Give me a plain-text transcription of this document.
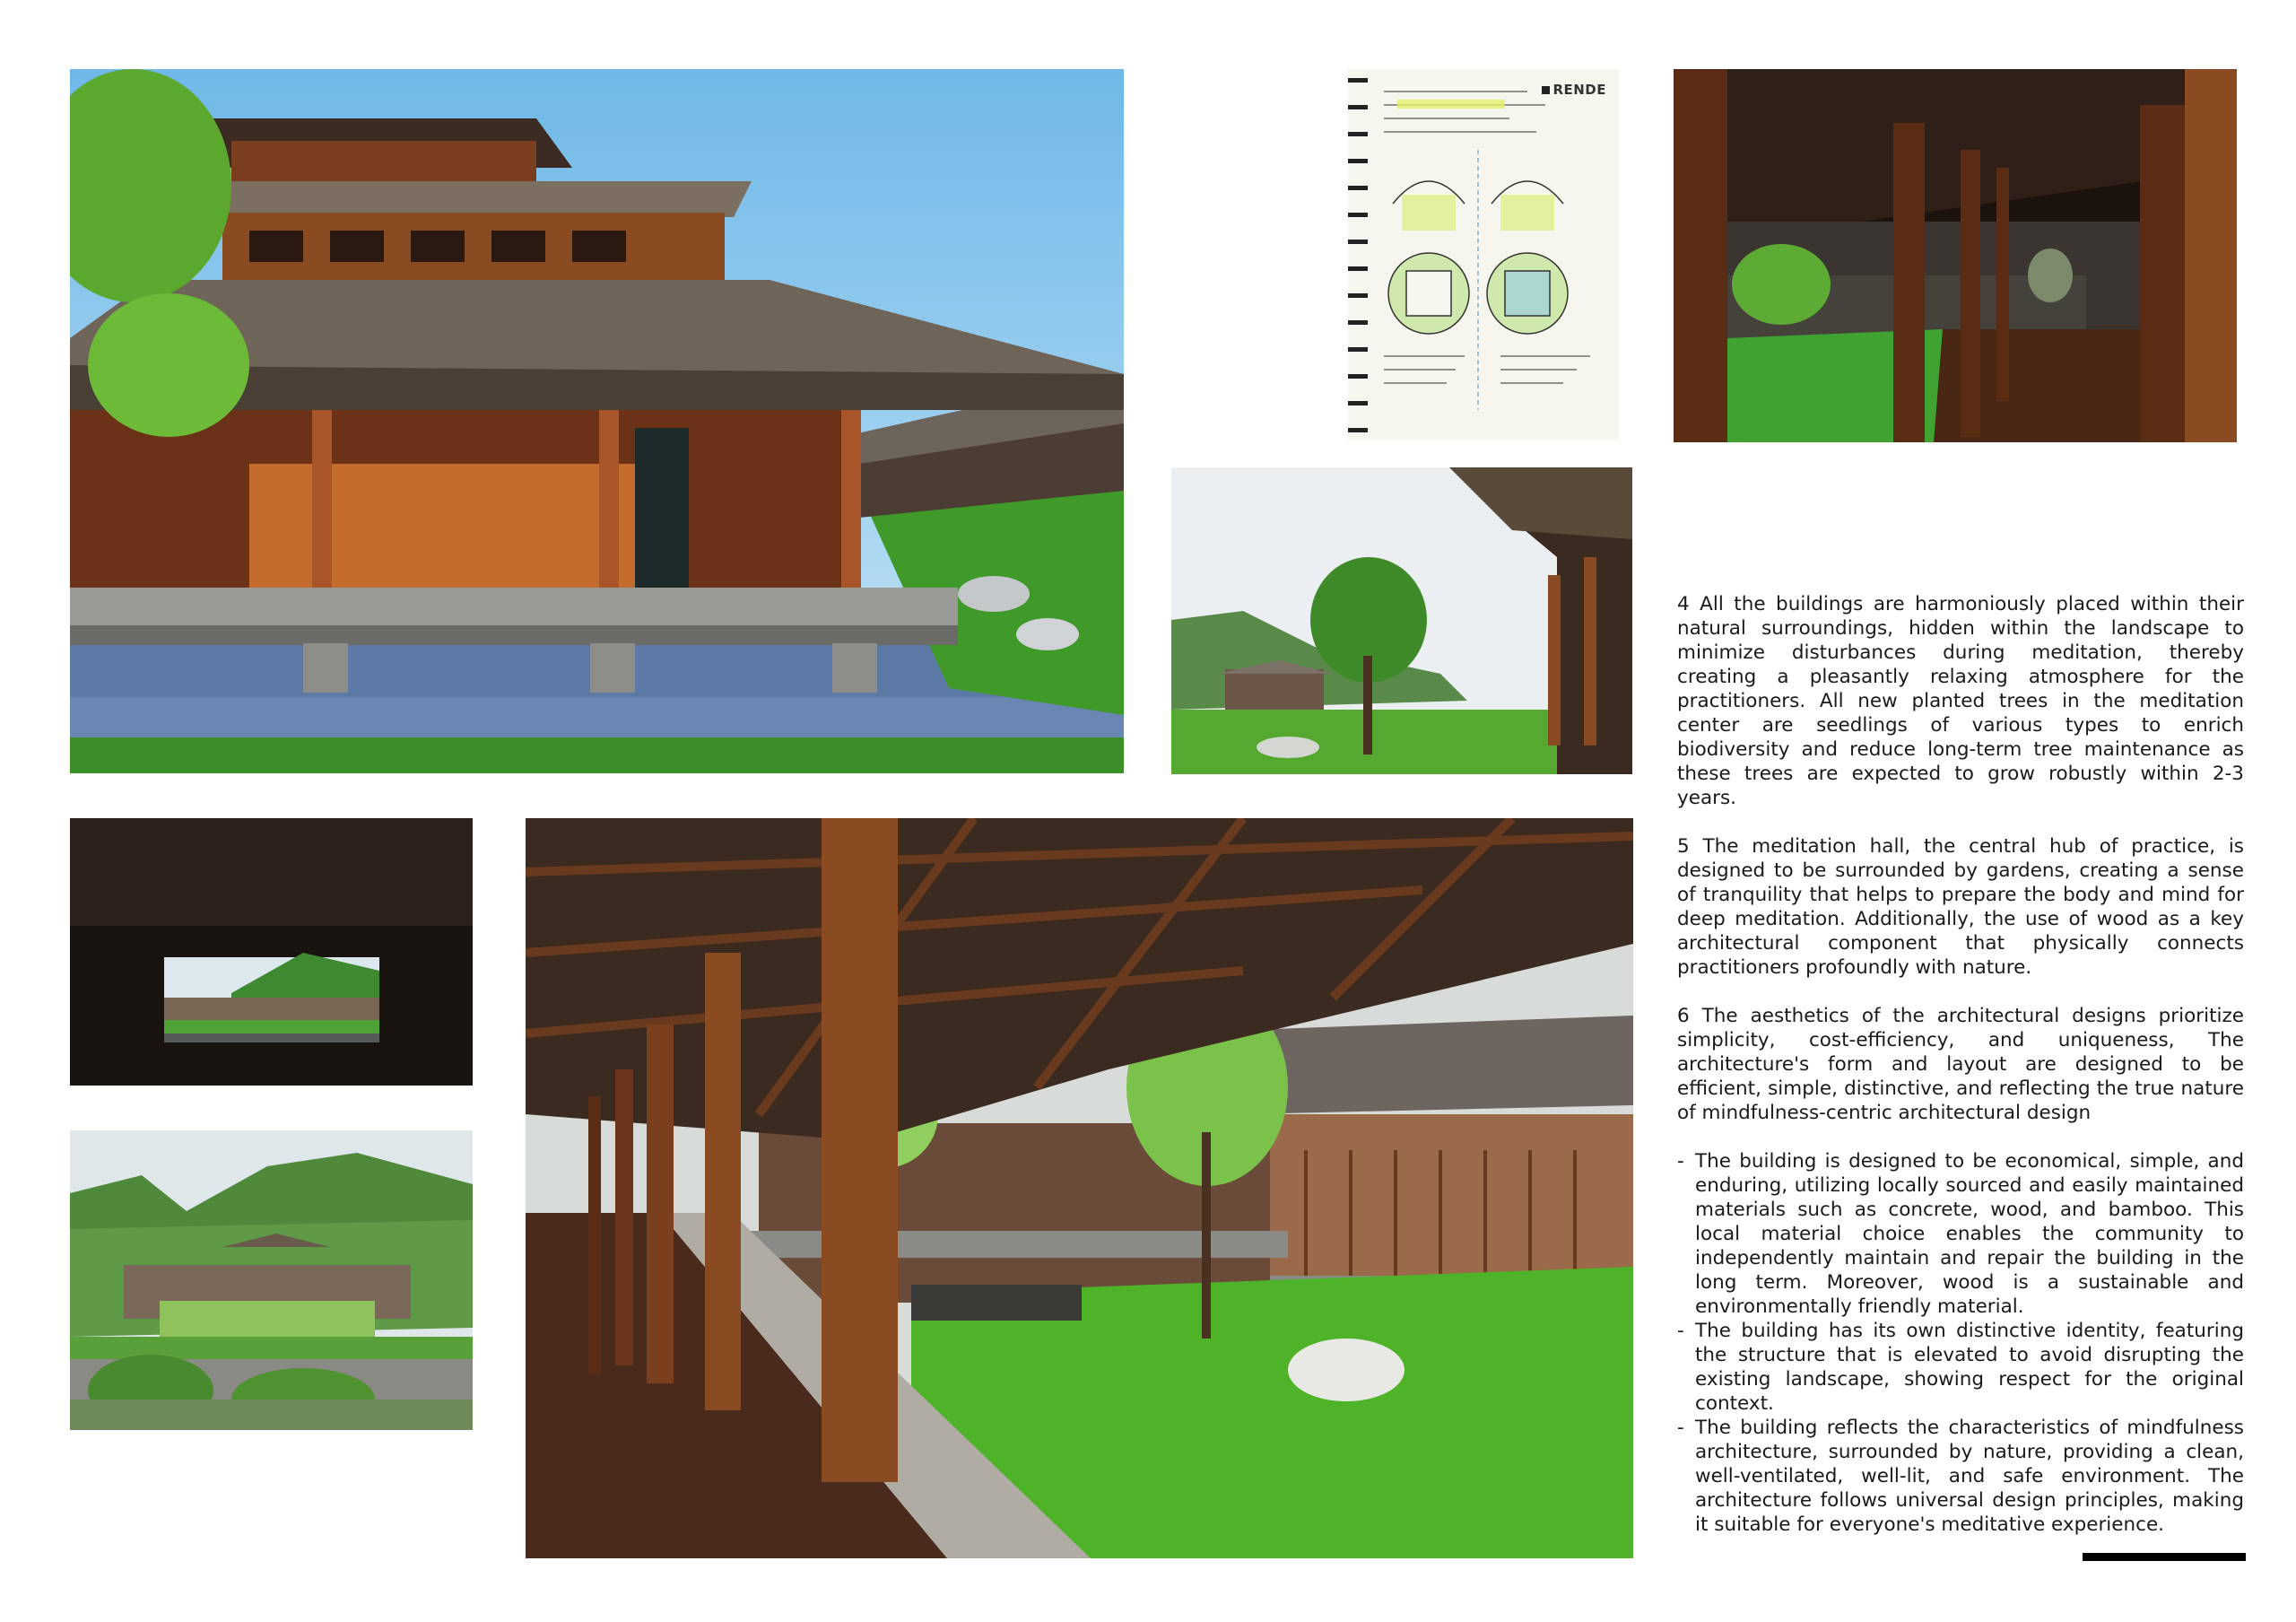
RENDE

4 All the buildings are harmoniously placed within their natural surroundings, hidden within the landscape to minimize disturbances during meditation, thereby creating a pleasantly relaxing atmosphere for the practitioners. All new planted trees in the meditation center are seedlings of various types to enrich biodiversity and reduce long-term tree maintenance as these trees are expected to grow robustly within 2-3 years.

5 The meditation hall, the central hub of practice, is designed to be surrounded by gardens, creating a sense of tranquility that helps to prepare the body and mind for deep meditation. Additionally, the use of wood as a key architectural component that physically connects practitioners profoundly with nature.

6 The aesthetics of the architectural designs prioritize simplicity, cost-efficiency, and uniqueness, The architecture's form and layout are designed to be efficient, simple, distinctive, and reflecting the true nature of mindfulness-centric architectural design

- The building is designed to be economical, simple, and enduring, utilizing locally sourced and easily maintained materials such as concrete, wood, and bamboo. This local material choice enables the community to independently maintain and repair the building in the long term. Moreover, wood is a sustainable and environmentally friendly material.
- The building has its own distinctive identity, featuring the structure that is elevated to avoid disrupting the existing landscape, showing respect for the original context.
- The building reflects the characteristics of mindfulness architecture, surrounded by nature, providing a clean, well-ventilated, well-lit, and safe environment. The architecture follows universal design principles, making it suitable for everyone's meditative experience.
